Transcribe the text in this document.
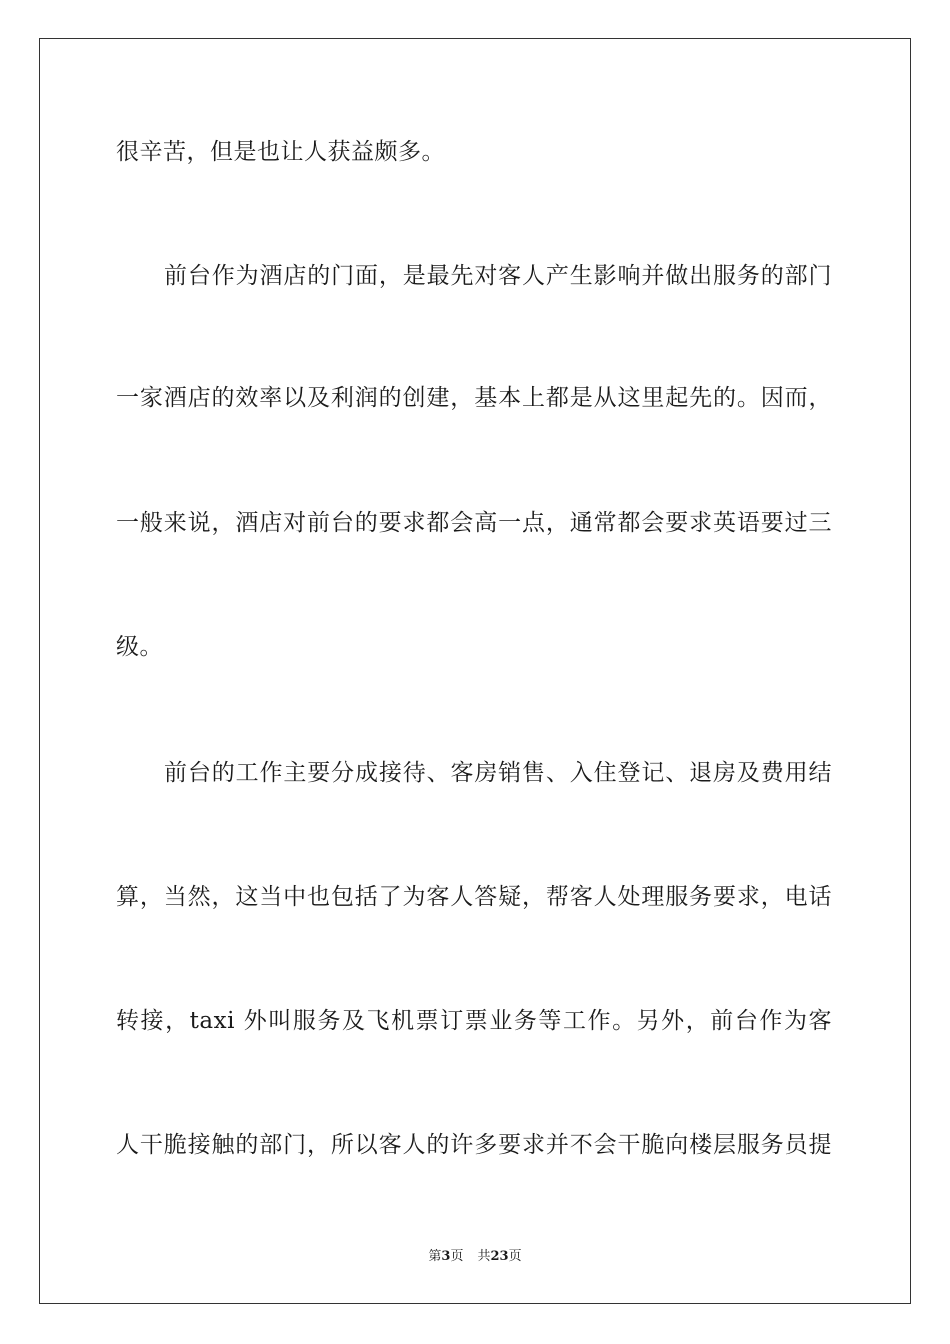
很辛苦，但是也让人获益颇多。
前台作为酒店的门面，是最先对客人产生影响并做出服务的部门
一家酒店的效率以及利润的创建，基本上都是从这里起先的。因而，
一般来说，酒店对前台的要求都会高一点，通常都会要求英语要过三
级。
前台的工作主要分成接待、客房销售、入住登记、退房及费用结
算，当然，这当中也包括了为客人答疑，帮客人处理服务要求，电话
转接，taxi 外叫服务及飞机票订票业务等工作。另外，前台作为客
人干脆接触的部门，所以客人的许多要求并不会干脆向楼层服务员提
第3页 共23页
